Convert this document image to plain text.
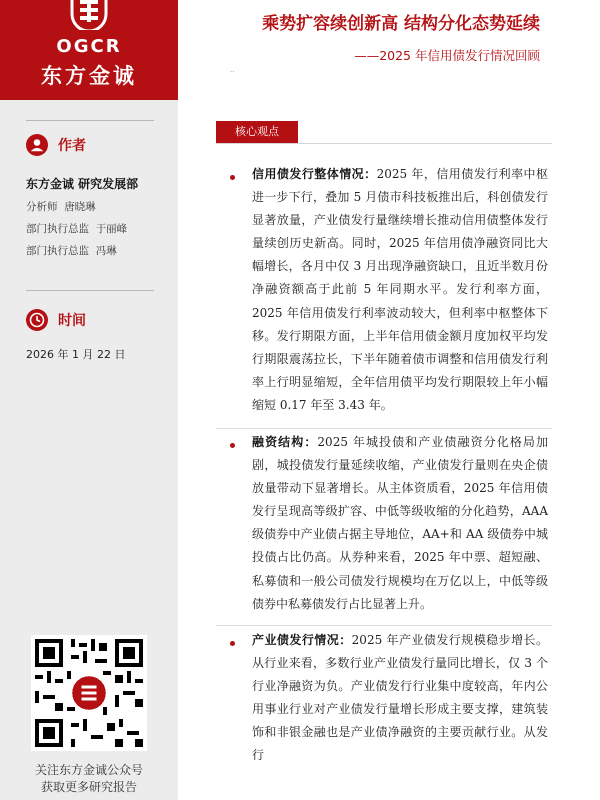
OGCR
东方金诚
作者
东方金诚 研究发展部
分析师 唐晓琳
部门执行总监 于丽峰
部门执行总监 冯琳
时间
2026 年 1 月 22 日
关注东方金诚公众号
获取更多研究报告
乘势扩容续创新高 结构分化态势延续
——2025 年信用债发行情况回顾
..
核心观点
信用债发行整体情况：2025 年，信用债发行利率中枢进一步下行，叠加 5 月债市科技板推出后，科创债发行显著放量，产业债发行量继续增长推动信用债整体发行量续创历史新高。同时，2025 年信用债净融资同比大幅增长，各月中仅 3 月出现净融资缺口，且近半数月份净融资额高于此前 5 年同期水平。发行利率方面，2025 年信用债发行利率波动较大，但利率中枢整体下移。发行期限方面，上半年信用债金额月度加权平均发行期限震荡拉长，下半年随着债市调整和信用债发行利率上行明显缩短，全年信用债平均发行期限较上年小幅缩短 0.17 年至 3.43 年。
融资结构：2025 年城投债和产业债融资分化格局加剧，城投债发行量延续收缩，产业债发行量则在央企债放量带动下显著增长。从主体资质看，2025 年信用债发行呈现高等级扩容、中低等级收缩的分化趋势，AAA 级债券中产业债占据主导地位，AA+和 AA 级债券中城投债占比仍高。从券种来看，2025 年中票、超短融、私募债和一般公司债发行规模均在万亿以上，中低等级债券中私募债发行占比显著上升。
产业债发行情况：2025 年产业债发行规模稳步增长。从行业来看，多数行业产业债发行量同比增长，仅 3 个行业净融资为负。产业债发行行业集中度较高，年内公用事业行业对产业债发行量增长形成主要支撑，建筑装饰和非银金融也是产业债净融资的主要贡献行业。从发行
